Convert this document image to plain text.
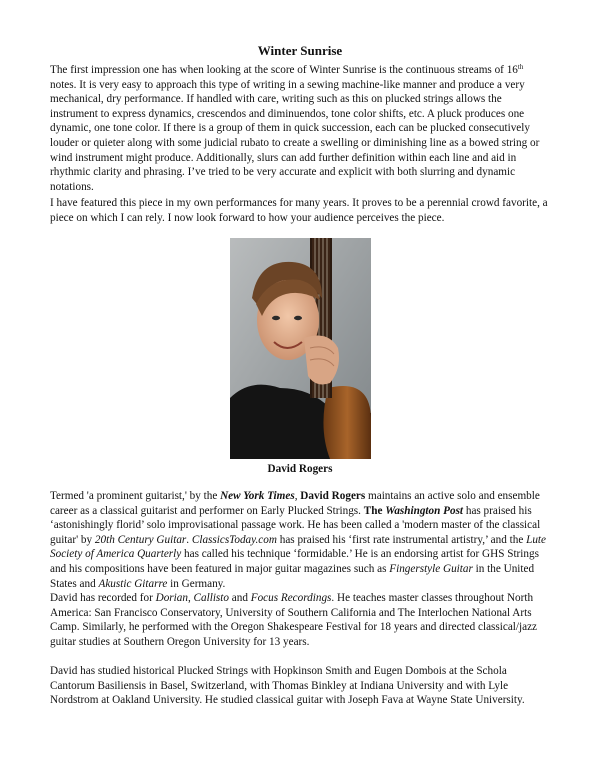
Winter Sunrise

The first impression one has when looking at the score of Winter Sunrise is the continuous streams of 16th notes. It is very easy to approach this type of writing in a sewing machine-like manner and produce a very mechanical, dry performance. If handled with care, writing such as this on plucked strings allows the instrument to express dynamics, crescendos and diminuendos, tone color shifts, etc. A pluck produces one dynamic, one tone color. If there is a group of them in quick succession, each can be plucked consecutively louder or quieter along with some judicial rubato to create a swelling or diminishing line as a bowed string or wind instrument might produce. Additionally, slurs can add further definition within each line and aid in rhythmic clarity and phrasing. I’ve tried to be very accurate and explicit with both slurring and dynamic notations.

I have featured this piece in my own performances for many years. It proves to be a perennial crowd favorite, a piece on which I can rely. I now look forward to how your audience perceives the piece.

David Rogers

Termed 'a prominent guitarist,' by the New York Times, David Rogers maintains an active solo and ensemble career as a classical guitarist and performer on Early Plucked Strings. The Washington Post has praised his ‘astonishingly florid’ solo improvisational passage work. He has been called a 'modern master of the classical guitar' by 20th Century Guitar. ClassicsToday.com has praised his ‘first rate instrumental artistry,’ and the Lute Society of America Quarterly has called his technique ‘formidable.’ He is an endorsing artist for GHS Strings and his compositions have been featured in major guitar magazines such as Fingerstyle Guitar in the United States and Akustic Gitarre in Germany.

David has recorded for Dorian, Callisto and Focus Recordings. He teaches master classes throughout North America: San Francisco Conservatory, University of Southern California and The Interlochen National Arts Camp. Similarly, he performed with the Oregon Shakespeare Festival for 18 years and directed classical/jazz guitar studies at Southern Oregon University for 13 years.

David has studied historical Plucked Strings with Hopkinson Smith and Eugen Dombois at the Schola Cantorum Basiliensis in Basel, Switzerland, with Thomas Binkley at Indiana University and with Lyle Nordstrom at Oakland University. He studied classical guitar with Joseph Fava at Wayne State University.
